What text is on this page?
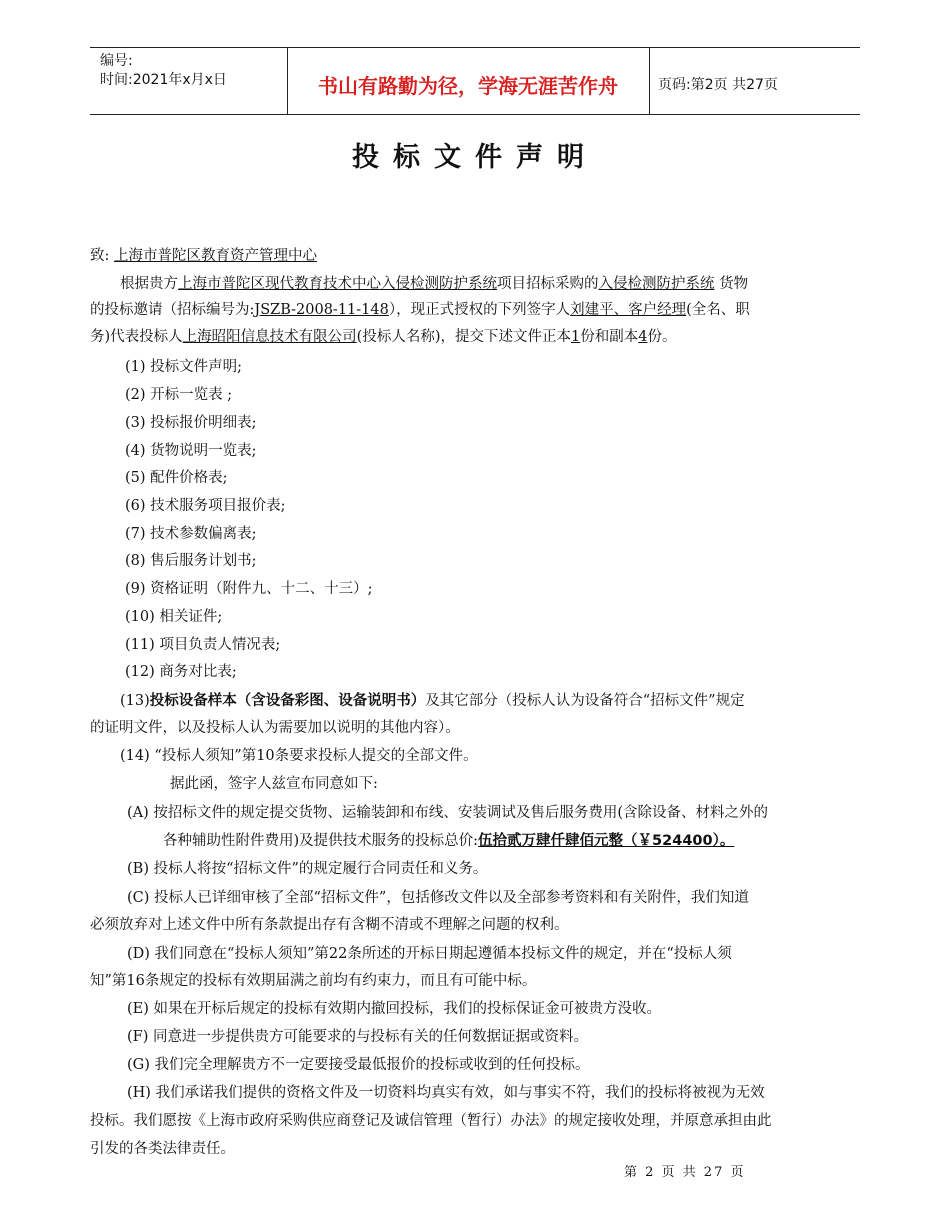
编号:
时间:2021年x月x日	书山有路勤为径，学海无涯苦作舟	页码:第2页 共27页
投标文件声明
致: 上海市普陀区教育资产管理中心
根据贵方上海市普陀区现代教育技术中心入侵检测防护系统项目招标采购的入侵检测防护系统 货物
的投标邀请（招标编号为:JSZB-2008-11-148），现正式授权的下列签字人刘建平、客户经理(全名、职
务)代表投标人上海昭阳信息技术有限公司(投标人名称)，提交下述文件正本1份和副本4份。
(1) 投标文件声明;
(2) 开标一览表 ;
(3) 投标报价明细表;
(4) 货物说明一览表;
(5) 配件价格表;
(6) 技术服务项目报价表;
(7) 技术参数偏离表;
(8) 售后服务计划书;
(9) 资格证明（附件九、十二、十三）;
(10) 相关证件;
(11) 项目负责人情况表;
(12) 商务对比表;
(13)投标设备样本（含设备彩图、设备说明书）及其它部分（投标人认为设备符合“招标文件”规定
的证明文件，以及投标人认为需要加以说明的其他内容）。
(14) “投标人须知”第10条要求投标人提交的全部文件。
据此函，签字人兹宣布同意如下:
(A) 按招标文件的规定提交货物、运输装卸和布线、安装调试及售后服务费用(含除设备、材料之外的
各种辅助性附件费用)及提供技术服务的投标总价:伍拾贰万肆仟肆佰元整（￥524400）。
(B) 投标人将按“招标文件”的规定履行合同责任和义务。
(C) 投标人已详细审核了全部“招标文件”，包括修改文件以及全部参考资料和有关附件，我们知道
必须放弃对上述文件中所有条款提出存有含糊不清或不理解之问题的权利。
(D) 我们同意在“投标人须知”第22条所述的开标日期起遵循本投标文件的规定，并在“投标人须
知”第16条规定的投标有效期届满之前均有约束力，而且有可能中标。
(E) 如果在开标后规定的投标有效期内撤回投标，我们的投标保证金可被贵方没收。
(F) 同意进一步提供贵方可能要求的与投标有关的任何数据证据或资料。
(G) 我们完全理解贵方不一定要接受最低报价的投标或收到的任何投标。
(H) 我们承诺我们提供的资格文件及一切资料均真实有效，如与事实不符，我们的投标将被视为无效
投标。我们愿按《上海市政府采购供应商登记及诚信管理（暂行）办法》的规定接收处理，并原意承担由此
引发的各类法律责任。
第 2 页 共 27 页
